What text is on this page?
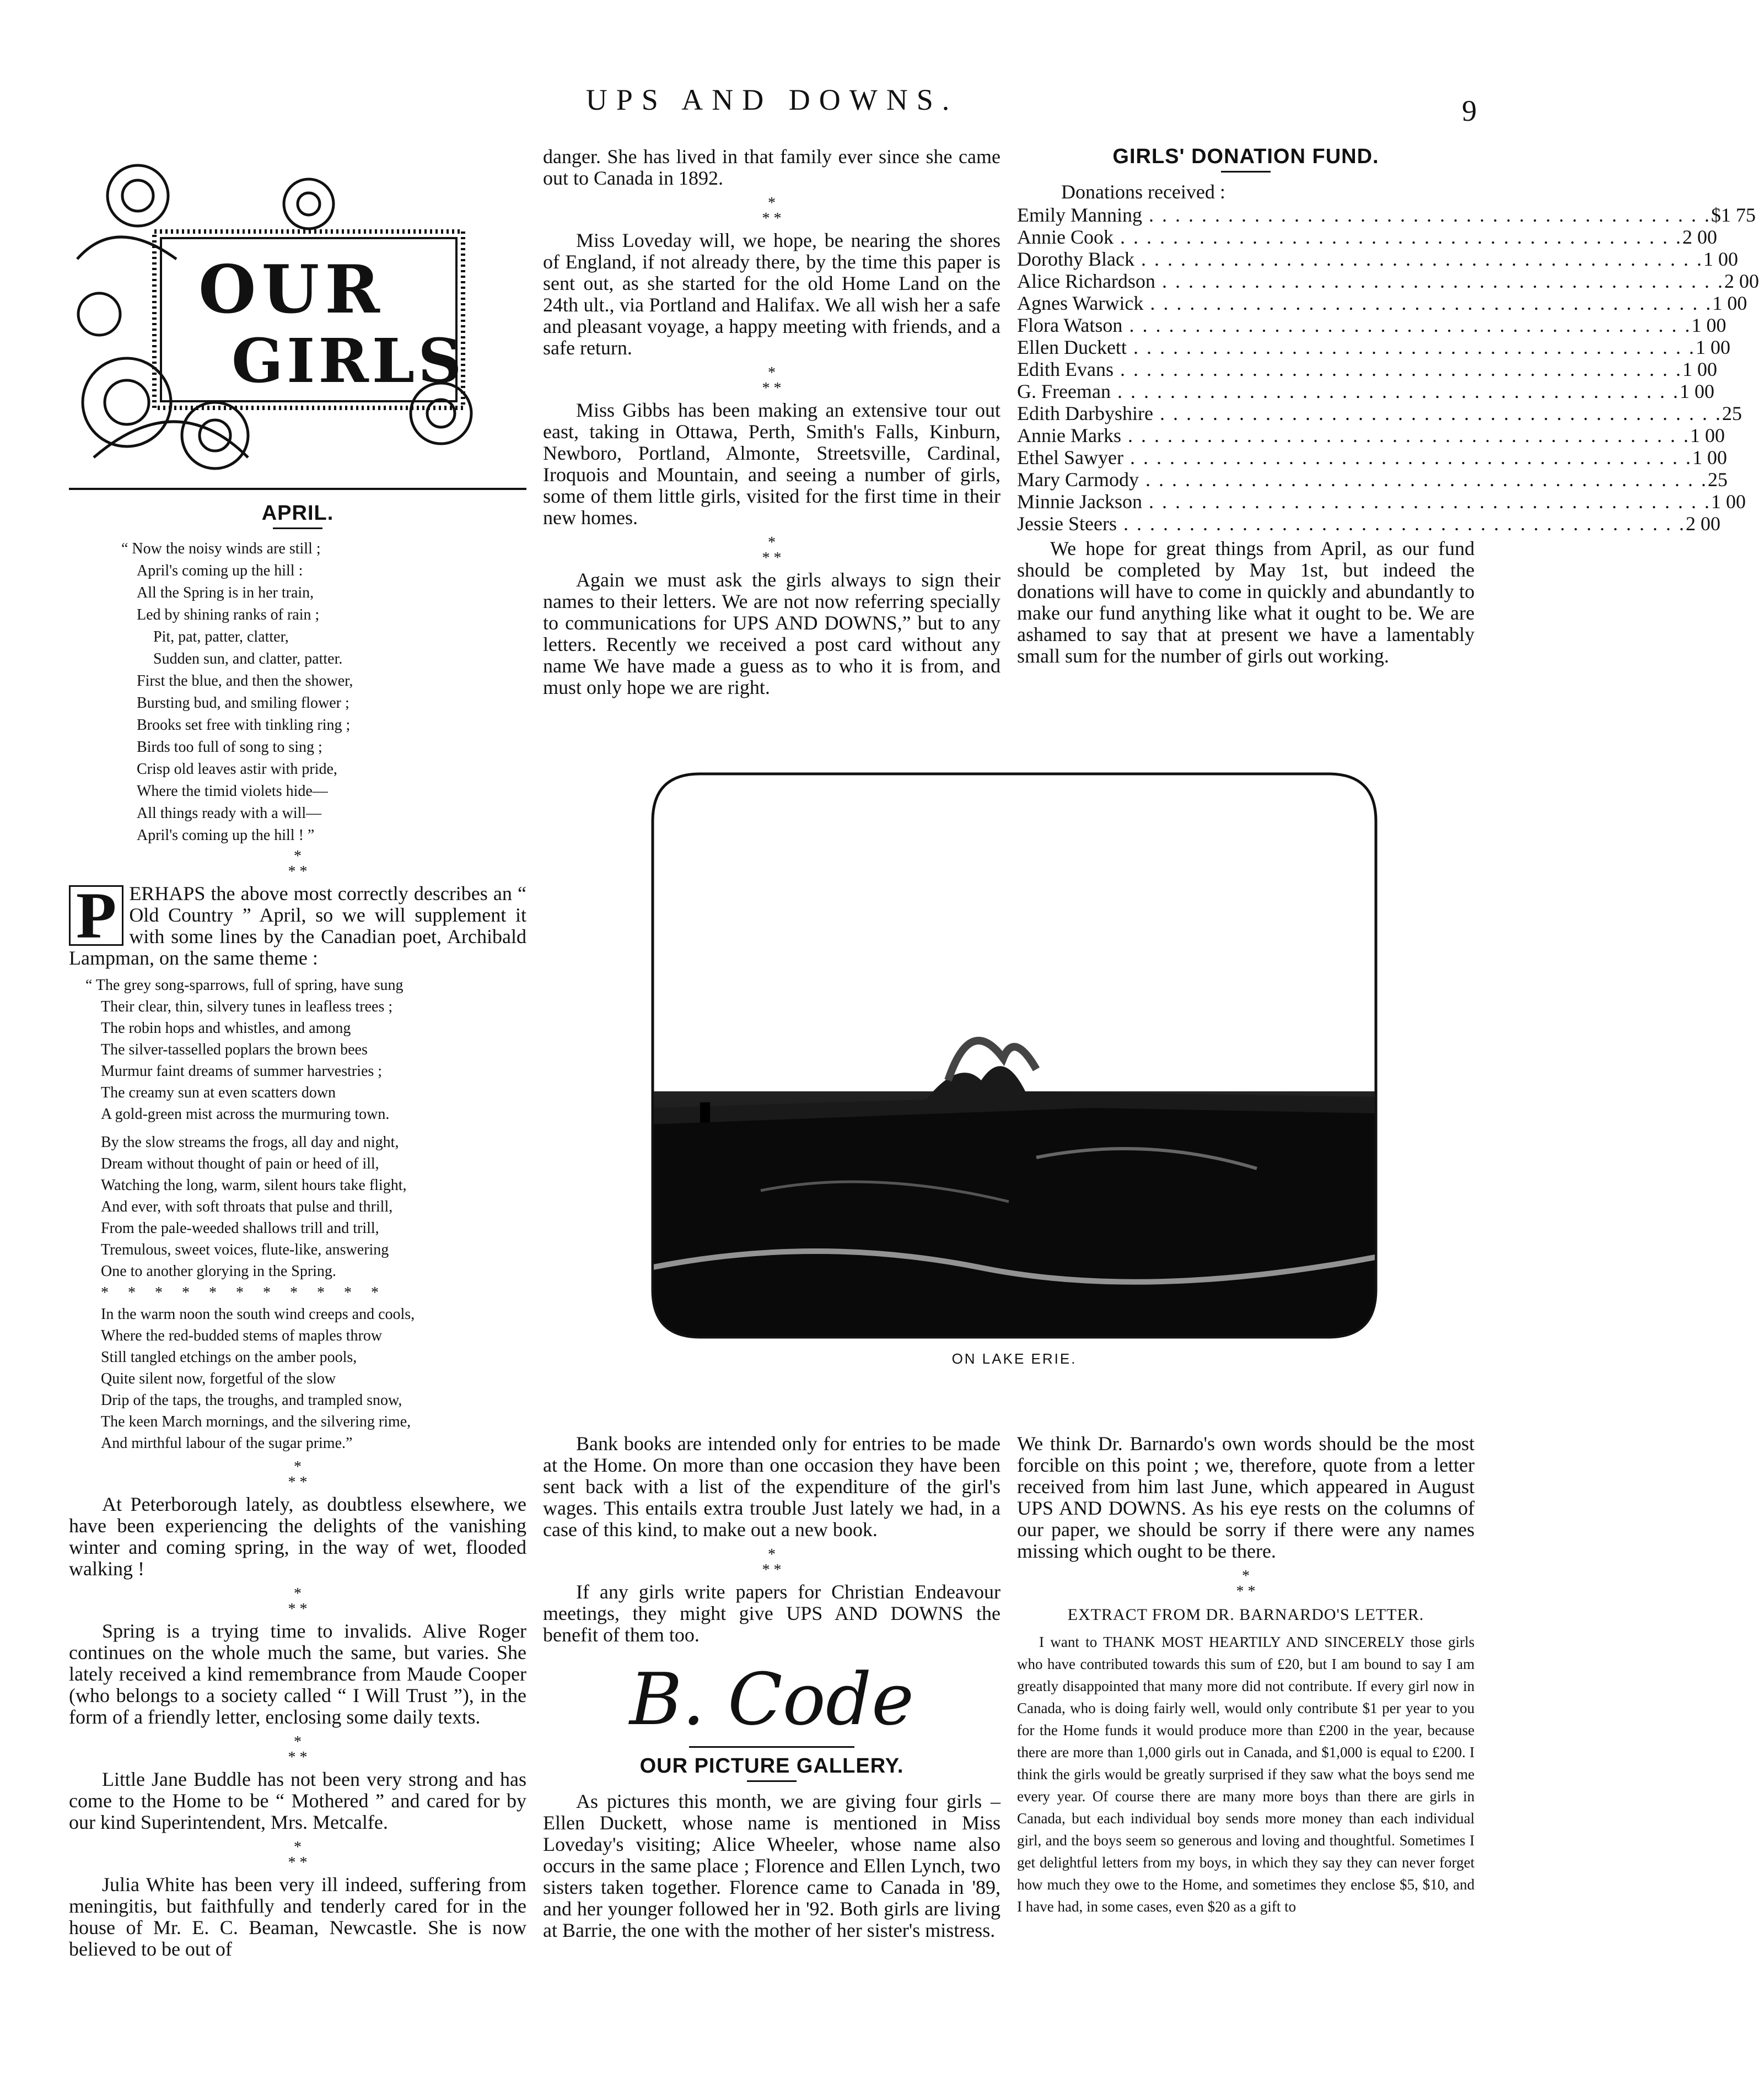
UPS AND DOWNS.	9
OUR
GIRLS
APRIL.
“ Now the noisy winds are still ;
April's coming up the hill :
All the Spring is in her train,
Led by shining ranks of rain ;
Pit, pat, patter, clatter,
Sudden sun, and clatter, patter.
First the blue, and then the shower,
Bursting bud, and smiling flower ;
Brooks set free with tinkling ring ;
Birds too full of song to sing ;
Crisp old leaves astir with pride,
Where the timid violets hide—
All things ready with a will—
April's coming up the hill ! ”
*
* *
P ERHAPS the above most correctly describes an “ Old Country ” April, so we will supplement it with some lines by the Canadian poet, Archibald Lampman, on the same theme :
“ The grey song-sparrows, full of spring, have sung
Their clear, thin, silvery tunes in leafless trees ;
The robin hops and whistles, and among
The silver-tasselled poplars the brown bees
Murmur faint dreams of summer harvestries ;
The creamy sun at even scatters down
A gold-green mist across the murmuring town.
By the slow streams the frogs, all day and night,
Dream without thought of pain or heed of ill,
Watching the long, warm, silent hours take flight,
And ever, with soft throats that pulse and thrill,
From the pale-weeded shallows trill and trill,
Tremulous, sweet voices, flute-like, answering
One to another glorying in the Spring.
* * * * * * * * * * *
In the warm noon the south wind creeps and cools,
Where the red-budded stems of maples throw
Still tangled etchings on the amber pools,
Quite silent now, forgetful of the slow
Drip of the taps, the troughs, and trampled snow,
The keen March mornings, and the silvering rime,
And mirthful labour of the sugar prime.”
*
* *

At Peterborough lately, as doubtless elsewhere, we have been experiencing the delights of the vanishing winter and coming spring, in the way of wet, flooded walking !

*
* *

Spring is a trying time to invalids. Alive Roger continues on the whole much the same, but varies. She lately received a kind remembrance from Maude Cooper (who belongs to a society called “ I Will Trust ”), in the form of a friendly letter, enclosing some daily texts.

*
* *

Little Jane Buddle has not been very strong and has come to the Home to be “ Mothered ” and cared for by our kind Superintendent, Mrs. Metcalfe.

*
* *

Julia White has been very ill indeed, suffering from meningitis, but faithfully and tenderly cared for in the house of Mr. E. C. Beaman, Newcastle. She is now believed to be out of

danger. She has lived in that family ever since she came out to Canada in 1892.

*
* *

Miss Loveday will, we hope, be nearing the shores of England, if not already there, by the time this paper is sent out, as she started for the old Home Land on the 24th ult., via Portland and Halifax. We all wish her a safe and pleasant voyage, a happy meeting with friends, and a safe return.

*
* *

Miss Gibbs has been making an extensive tour out east, taking in Ottawa, Perth, Smith's Falls, Kinburn, Newboro, Portland, Almonte, Streetsville, Cardinal, Iroquois and Mountain, and seeing a number of girls, some of them little girls, visited for the first time in their new homes.

*
* *

Again we must ask the girls always to sign their names to their letters. We are not now referring specially to communications for UPS AND DOWNS,” but to any letters. Recently we received a post card without any name We have made a guess as to who it is from, and must only hope we are right.

GIRLS' DONATION FUND.
Donations received :
Emily Manning . . . . . . . . . . . . . . . . . . . . . . . . . . . . . . . . . . . . . . . . . . . $1 75
Annie Cook . . . . . . . . . . . . . . . . . . . . . . . . . . . . . . . . . . . . . . . . . . . 2 00
Dorothy Black . . . . . . . . . . . . . . . . . . . . . . . . . . . . . . . . . . . . . . . . . . . 1 00
Alice Richardson . . . . . . . . . . . . . . . . . . . . . . . . . . . . . . . . . . . . . . . . . . . 2 00
Agnes Warwick . . . . . . . . . . . . . . . . . . . . . . . . . . . . . . . . . . . . . . . . . . . 1 00
Flora Watson . . . . . . . . . . . . . . . . . . . . . . . . . . . . . . . . . . . . . . . . . . . 1 00
Ellen Duckett . . . . . . . . . . . . . . . . . . . . . . . . . . . . . . . . . . . . . . . . . . . 1 00
Edith Evans . . . . . . . . . . . . . . . . . . . . . . . . . . . . . . . . . . . . . . . . . . . 1 00
G. Freeman . . . . . . . . . . . . . . . . . . . . . . . . . . . . . . . . . . . . . . . . . . . 1 00
Edith Darbyshire . . . . . . . . . . . . . . . . . . . . . . . . . . . . . . . . . . . . . . . . . . . 25
Annie Marks . . . . . . . . . . . . . . . . . . . . . . . . . . . . . . . . . . . . . . . . . . . 1 00
Ethel Sawyer . . . . . . . . . . . . . . . . . . . . . . . . . . . . . . . . . . . . . . . . . . . 1 00
Mary Carmody . . . . . . . . . . . . . . . . . . . . . . . . . . . . . . . . . . . . . . . . . . . 25
Minnie Jackson . . . . . . . . . . . . . . . . . . . . . . . . . . . . . . . . . . . . . . . . . . . 1 00
Jessie Steers . . . . . . . . . . . . . . . . . . . . . . . . . . . . . . . . . . . . . . . . . . . 2 00

We hope for great things from April, as our fund should be completed by May 1st, but indeed the donations will have to come in quickly and abundantly to make our fund anything like what it ought to be. We are ashamed to say that at present we have a lamentably small sum for the number of girls out working.

ON LAKE ERIE.

Bank books are intended only for entries to be made at the Home. On more than one occasion they have been sent back with a list of the expenditure of the girl's wages. This entails extra trouble Just lately we had, in a case of this kind, to make out a new book.

*
* *

If any girls write papers for Christian Endeavour meetings, they might give UPS AND DOWNS the benefit of them too.

B. Code
OUR PICTURE GALLERY.

As pictures this month, we are giving four girls – Ellen Duckett, whose name is mentioned in Miss Loveday's visiting; Alice Wheeler, whose name also occurs in the same place ; Florence and Ellen Lynch, two sisters taken together. Florence came to Canada in '89, and her younger followed her in '92. Both girls are living at Barrie, the one with the mother of her sister's mistress.

We think Dr. Barnardo's own words should be the most forcible on this point ; we, therefore, quote from a letter received from him last June, which appeared in August UPS AND DOWNS. As his eye rests on the columns of our paper, we should be sorry if there were any names missing which ought to be there.

*
* *
EXTRACT FROM DR. BARNARDO'S LETTER.

I want to THANK MOST HEARTILY AND SINCERELY those girls who have contributed towards this sum of £20, but I am bound to say I am greatly disappointed that many more did not contribute. If every girl now in Canada, who is doing fairly well, would only contribute $1 per year to you for the Home funds it would produce more than £200 in the year, because there are more than 1,000 girls out in Canada, and $1,000 is equal to £200. I think the girls would be greatly surprised if they saw what the boys send me every year. Of course there are many more boys than there are girls in Canada, but each individual boy sends more money than each individual girl, and the boys seem so generous and loving and thoughtful. Sometimes I get delightful letters from my boys, in which they say they can never forget how much they owe to the Home, and sometimes they enclose $5, $10, and I have had, in some cases, even $20 as a gift to
